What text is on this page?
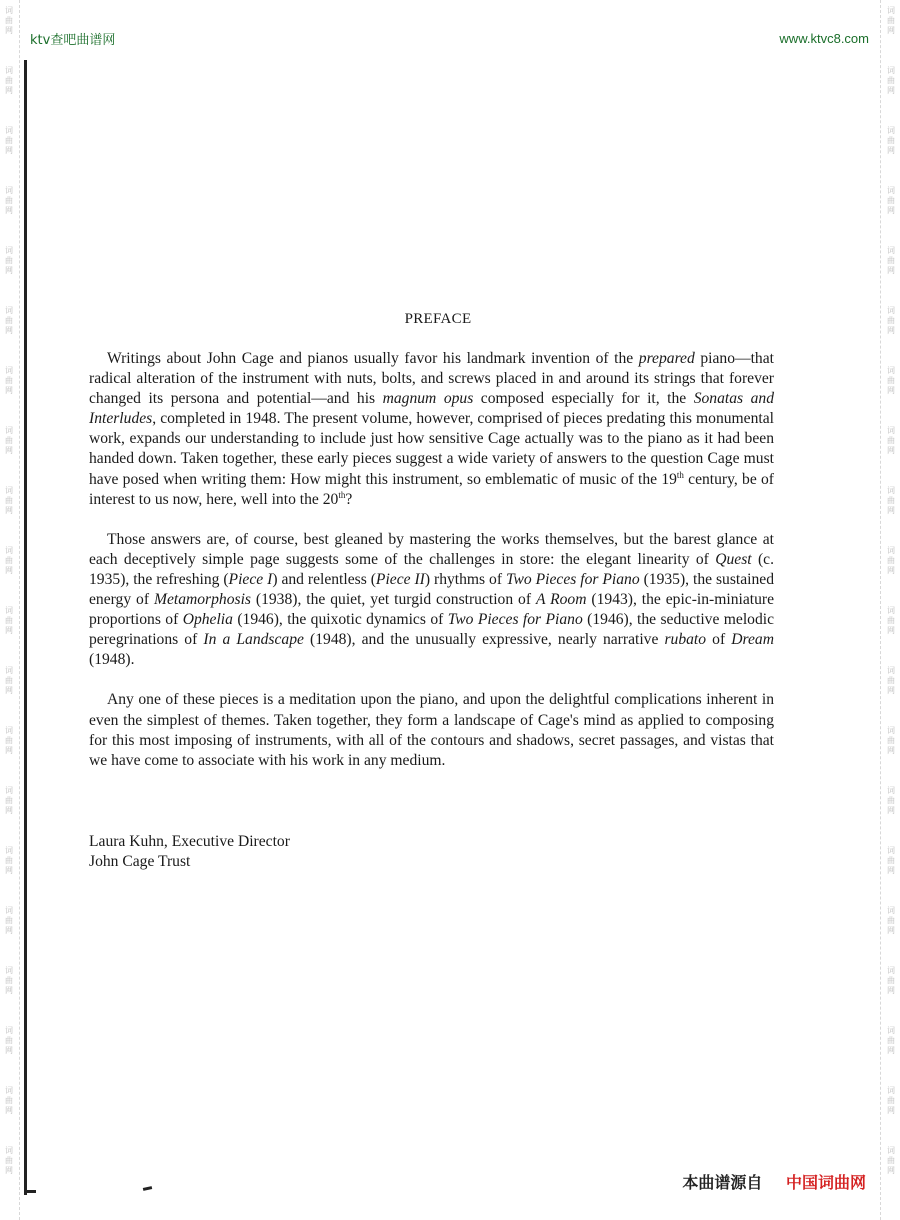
词
曲
网
词
曲
网
词
曲
网
词
曲
网
词
曲
网
词
曲
网
词
曲
网
词
曲
网
词
曲
网
词
曲
网
词
曲
网
词
曲
网
词
曲
网
词
曲
网
词
曲
网
词
曲
网
词
曲
网
词
曲
网
词
曲
网
词
曲
网
词
曲
网
词
曲
网
词
曲
网
词
曲
网
词
曲
网
词
曲
网
词
曲
网
词
曲
网
词
曲
网
词
曲
网
词
曲
网
词
曲
网
词
曲
网
词
曲
网
词
曲
网
词
曲
网
词
曲
网
词
曲
网
词
曲
网
词
曲
网
ktv查吧曲谱网	www.ktvc8.com
PREFACE

Writings about John Cage and pianos usually favor his landmark invention of the prepared piano—that radical alteration of the instrument with nuts, bolts, and screws placed in and around its strings that forever changed its persona and potential—and his magnum opus composed especially for it, the Sonatas and Interludes, completed in 1948. The present volume, however, comprised of pieces predating this monumental work, expands our understanding to include just how sensitive Cage actually was to the piano as it had been handed down. Taken together, these early pieces suggest a wide variety of answers to the question Cage must have posed when writing them: How might this instrument, so emblematic of music of the 19th century, be of interest to us now, here, well into the 20th?

Those answers are, of course, best gleaned by mastering the works themselves, but the barest glance at each deceptively simple page suggests some of the challenges in store: the elegant linearity of Quest (c. 1935), the refreshing (Piece I) and relentless (Piece II) rhythms of Two Pieces for Piano (1935), the sustained energy of Metamorphosis (1938), the quiet, yet turgid construction of A Room (1943), the epic-in-miniature proportions of Ophelia (1946), the quixotic dynamics of Two Pieces for Piano (1946), the seductive melodic peregrinations of In a Landscape (1948), and the unusually expressive, nearly narrative rubato of Dream (1948).

Any one of these pieces is a meditation upon the piano, and upon the delightful complications inherent in even the simplest of themes. Taken together, they form a landscape of Cage's mind as applied to composing for this most imposing of instruments, with all of the contours and shadows, secret passages, and vistas that we have come to associate with his work in any medium.

Laura Kuhn, Executive Director
John Cage Trust
本曲谱源自 中国词曲网
